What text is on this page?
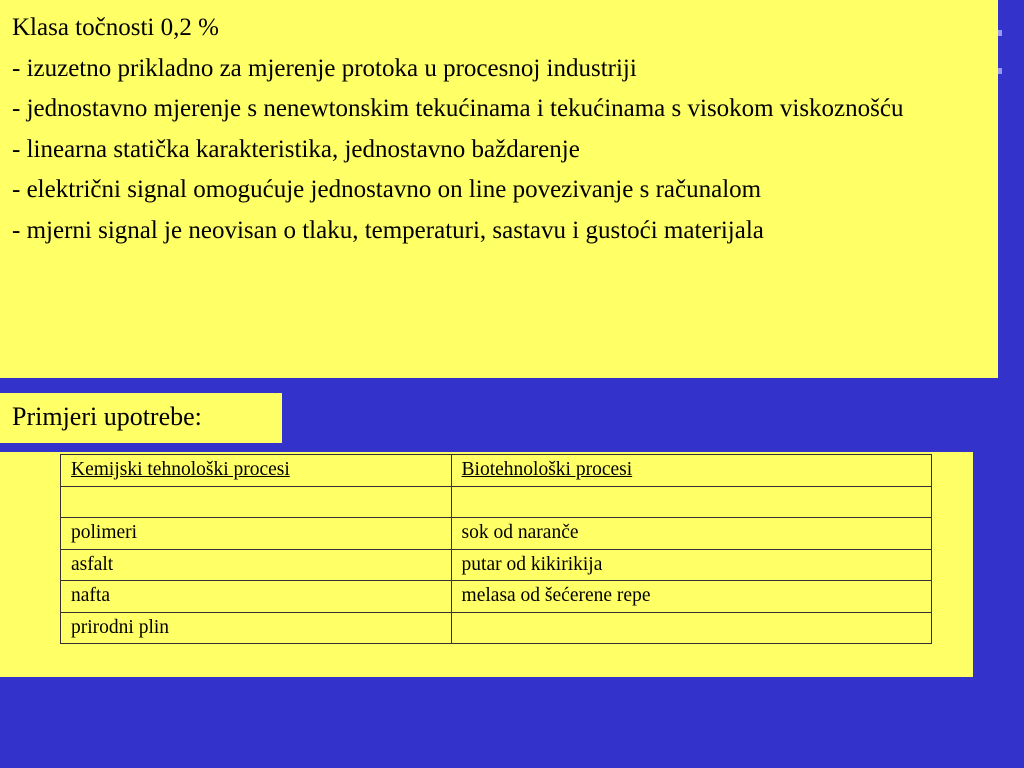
Klasa točnosti 0,2 %

- izuzetno prikladno za mjerenje protoka u procesnoj industriji

- jednostavno mjerenje s nenewtonskim tekućinama i tekućinama s visokom viskoznošću

- linearna statička karakteristika, jednostavno baždarenje

- električni signal omogućuje jednostavno on line povezivanje s računalom

- mjerni signal je neovisan o tlaku, temperaturi, sastavu i gustoći materijala

Primjeri upotrebe:
Kemijski tehnološki procesi	Biotehnološki procesi

polimeri	sok od naranče
asfalt	putar od kikirikija
nafta	melasa od šećerene repe
prirodni plin	
